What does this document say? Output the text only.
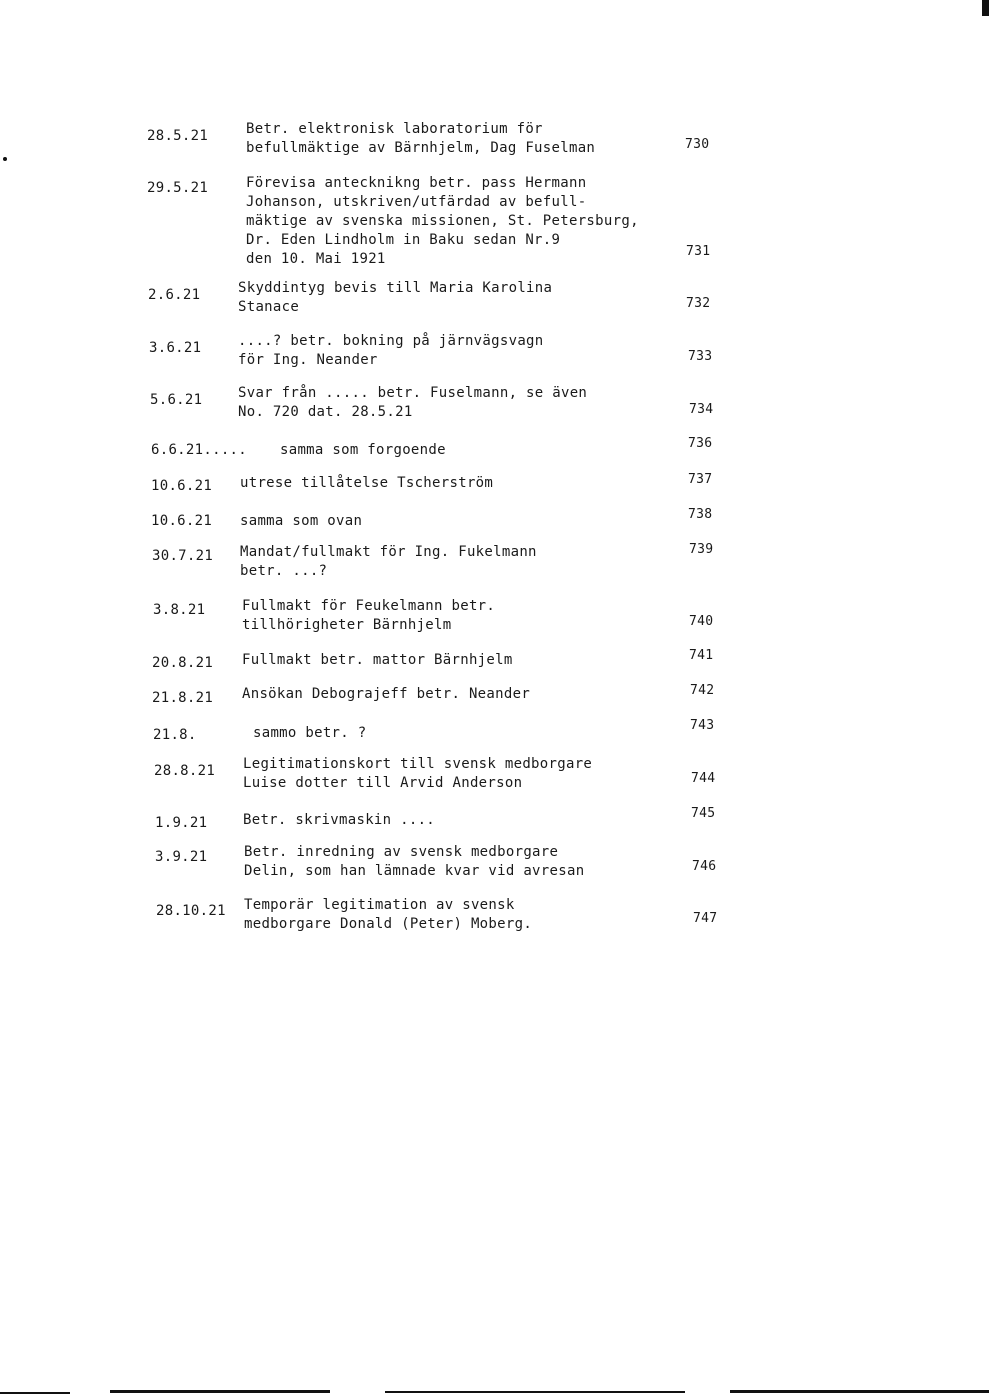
28.5.21	Betr. elektronisk laboratorium för
befullmäktige av Bärnhjelm, Dag Fuselman	730
29.5.21	Förevisa antecknikng betr. pass Hermann
Johanson, utskriven/utfärdad av befull-
mäktige av svenska missionen, St. Petersburg,
Dr. Eden Lindholm in Baku sedan Nr.9
den 10. Mai 1921	731
2.6.21	Skyddintyg bevis till Maria Karolina
Stanace	732
3.6.21	....? betr. bokning på järnvägsvagn
för Ing. Neander	733
5.6.21	Svar från ..... betr. Fuselmann, se även
No. 720 dat. 28.5.21	734
6.6.21..... samma som forgoende	736
10.6.21 utrese tillåtelse Tscherström	737
10.6.21 samma som ovan	738
30.7.21 Mandat/fullmakt för Ing. Fukelmann
betr. ...?
739
3.8.21	Fullmakt för Feukelmann betr.
tillhörigheter Bärnhjelm	740
20.8.21 Fullmakt betr. mattor Bärnhjelm	741
21.8.21 Ansökan Debograjeff betr. Neander	742
21.8.	sammo betr. ?	743
28.8.21 Legitimationskort till svensk medborgare
Luise dotter till Arvid Anderson	744
1.9.21	Betr. skrivmaskin ....	745
3.9.21	Betr. inredning av svensk medborgare
Delin, som han lämnade kvar vid avresan	746
28.10.21 Temporär legitimation av svensk
medborgare Donald (Peter) Moberg.	747
